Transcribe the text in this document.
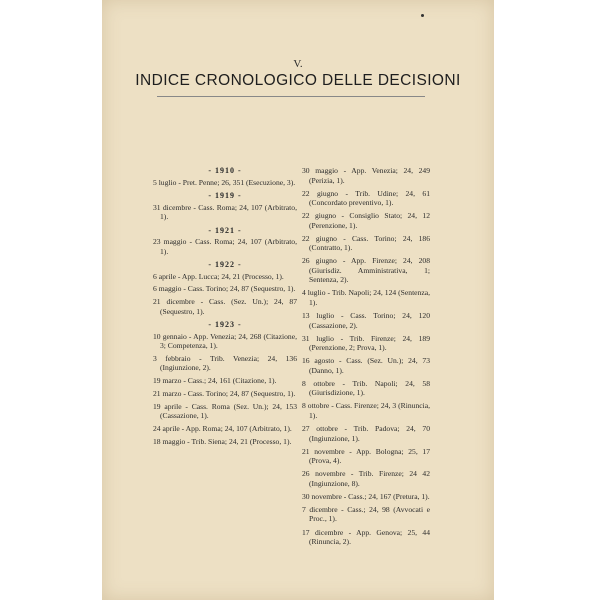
V.
INDICE CRONOLOGICO DELLE DECISIONI
- 1910 -
5 luglio - Pret. Penne; 26, 351 (Esecuzione, 3).
- 1919 -
31 dicembre - Cass. Roma; 24, 107 (Arbitrato, 1).
- 1921 -
23 maggio - Cass. Roma; 24, 107 (Arbitrato, 1).
- 1922 -
6 aprile - App. Lucca; 24, 21 (Processo, 1).
6 maggio - Cass. Torino; 24, 87 (Sequestro, 1).
21 dicembre - Cass. (Sez. Un.); 24, 87 (Sequestro, 1).
- 1923 -
10 gennaio - App. Venezia; 24, 268 (Citazione, 3; Competenza, 1).
3 febbraio - Trib. Venezia; 24, 136 (Ingiunzione, 2).
19 marzo - Cass.; 24, 161 (Citazione, 1).
21 marzo - Cass. Torino; 24, 87 (Sequestro, 1).
19 aprile - Cass. Roma (Sez. Un.); 24, 153 (Cassazione, 1).
24 aprile - App. Roma; 24, 107 (Arbitrato, 1).
18 maggio - Trib. Siena; 24, 21 (Processo, 1).
30 maggio - App. Venezia; 24, 249 (Perizia, 1).
22 giugno - Trib. Udine; 24, 61 (Concordato preventivo, 1).
22 giugno - Consiglio Stato; 24, 12 (Perenzione, 1).
22 giugno - Cass. Torino; 24, 186 (Contratto, 1).
26 giugno - App. Firenze; 24, 208 (Giurisdiz. Amministrativa, 1; Sentenza, 2).
4 luglio - Trib. Napoli; 24, 124 (Sentenza, 1).
13 luglio - Cass. Torino; 24, 120 (Cassazione, 2).
31 luglio - Trib. Firenze; 24, 189 (Perenzione, 2; Prova, 1).
16 agosto - Cass. (Sez. Un.); 24, 73 (Danno, 1).
8 ottobre - Trib. Napoli; 24, 58 (Giurisdizione, 1).
8 ottobre - Cass. Firenze; 24, 3 (Rinuncia, 1).
27 ottobre - Trib. Padova; 24, 70 (Ingiunzione, 1).
21 novembre - App. Bologna; 25, 17 (Prova, 4).
26 novembre - Trib. Firenze; 24 42 (Ingiunzione, 8).
30 novembre - Cass.; 24, 167 (Pretura, 1).
7 dicembre - Cass.; 24, 98 (Avvocati e Proc., 1).
17 dicembre - App. Genova; 25, 44 (Rinuncia, 2).
